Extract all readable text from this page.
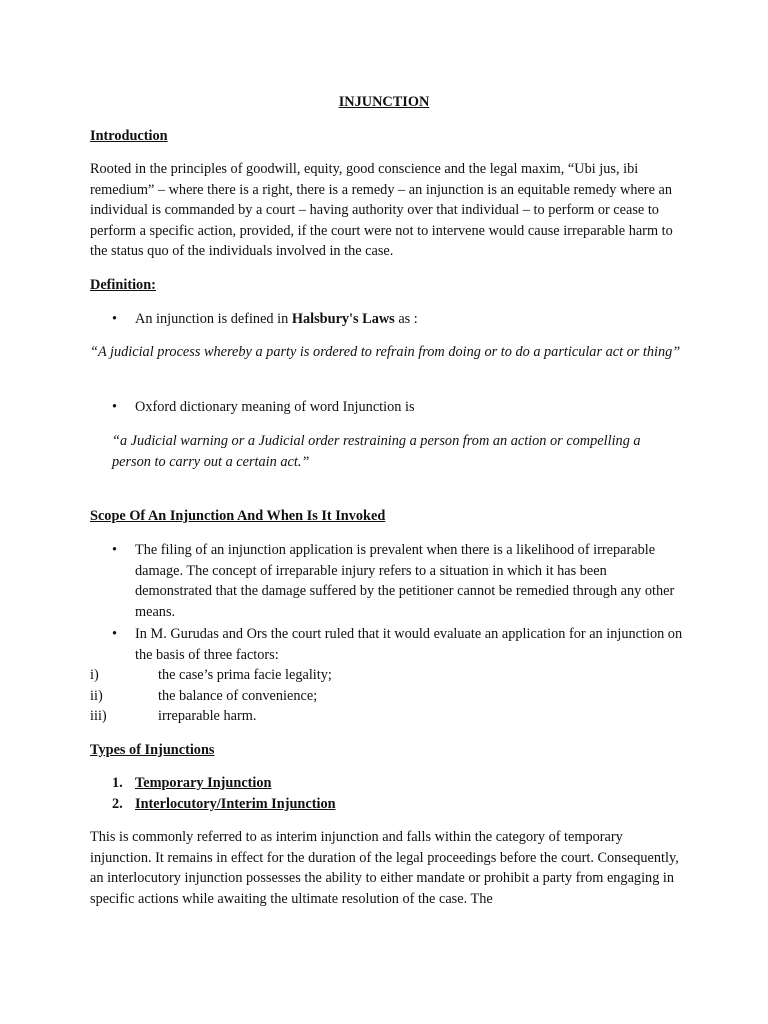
INJUNCTION
Introduction

Rooted in the principles of goodwill, equity, good conscience and the legal maxim, “Ubi jus, ibi remedium” – where there is a right, there is a remedy – an injunction is an equitable remedy where an individual is commanded by a court – having authority over that individual – to perform or cease to perform a specific action, provided, if the court were not to intervene would cause irreparable harm to the status quo of the individuals involved in the case.

Definition:
• An injunction is defined in Halsbury's Laws as :

“A judicial process whereby a party is ordered to refrain from doing or to do a particular act or thing”

• Oxford dictionary meaning of word Injunction is

“a Judicial warning or a Judicial order restraining a person from an action or compelling a person to carry out a certain act.”

Scope Of An Injunction And When Is It Invoked
• The filing of an injunction application is prevalent when there is a likelihood of irreparable damage. The concept of irreparable injury refers to a situation in which it has been demonstrated that the damage suffered by the petitioner cannot be remedied through any other means.
• In M. Gurudas and Ors the court ruled that it would evaluate an application for an injunction on the basis of three factors:
i)	the case’s prima facie legality;
ii)	the balance of convenience;
iii)	irreparable harm.
Types of Injunctions
1. Temporary Injunction
2. Interlocutory/Interim Injunction

This is commonly referred to as interim injunction and falls within the category of temporary injunction. It remains in effect for the duration of the legal proceedings before the court. Consequently, an interlocutory injunction possesses the ability to either mandate or prohibit a party from engaging in specific actions while awaiting the ultimate resolution of the case. The
